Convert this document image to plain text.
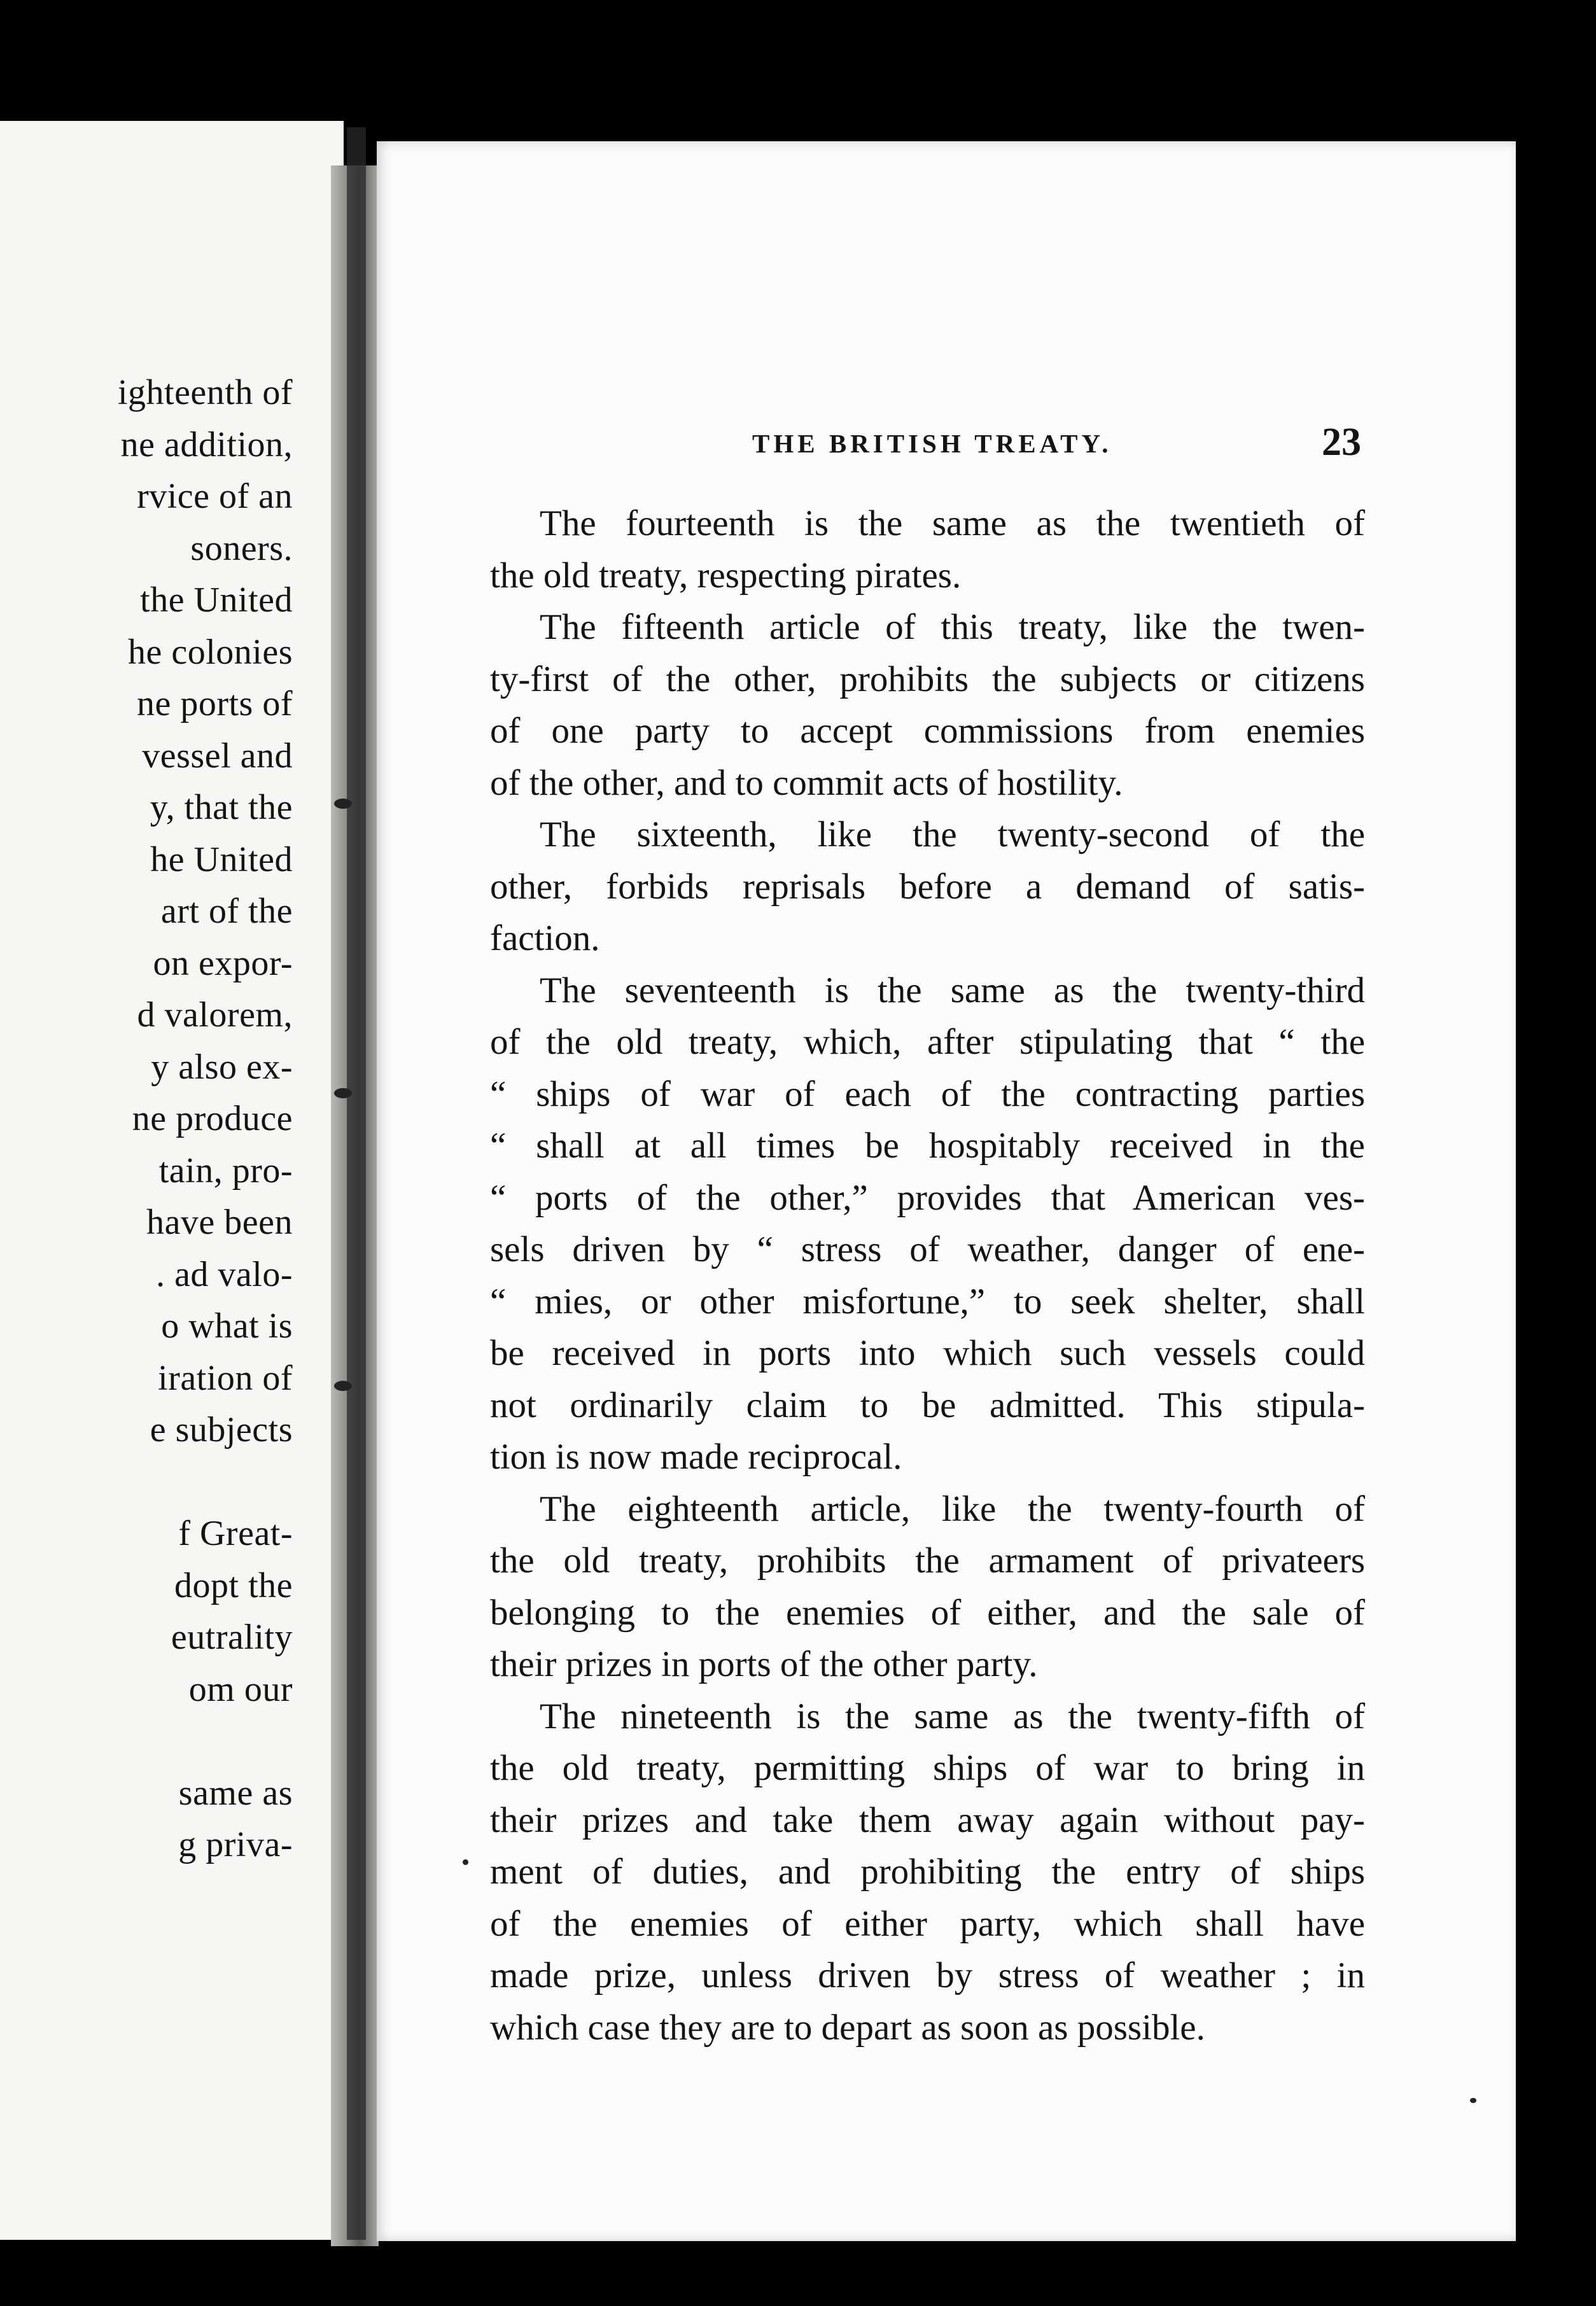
ighteenth of
ne addition,
rvice of an
soners.
the United
he colonies
ne ports of
vessel and
y, that the
he United
art of the
on expor-
d valorem,
y also ex-
ne produce
tain, pro-
have been
. ad valo-
o what is
iration of
e subjects
f Great-
dopt the
eutrality
om our
same as
g priva-
THE BRITISH TREATY.	23
The fourteenth is the same as the twentieth of
the old treaty, respecting pirates.
The fifteenth article of this treaty, like the twen-
ty-first of the other, prohibits the subjects or citizens
of one party to accept commissions from enemies
of the other, and to commit acts of hostility.
The sixteenth, like the twenty-second of the
other, forbids reprisals before a demand of satis-
faction.
The seventeenth is the same as the twenty-third
of the old treaty, which, after stipulating that “ the
“ ships of war of each of the contracting parties
“ shall at all times be hospitably received in the
“ ports of the other,” provides that American ves-
sels driven by “ stress of weather, danger of ene-
“ mies, or other misfortune,” to seek shelter, shall
be received in ports into which such vessels could
not ordinarily claim to be admitted. This stipula-
tion is now made reciprocal.
The eighteenth article, like the twenty-fourth of
the old treaty, prohibits the armament of privateers
belonging to the enemies of either, and the sale of
their prizes in ports of the other party.
The nineteenth is the same as the twenty-fifth of
the old treaty, permitting ships of war to bring in
their prizes and take them away again without pay-
ment of duties, and prohibiting the entry of ships
of the enemies of either party, which shall have
made prize, unless driven by stress of weather ; in
which case they are to depart as soon as possible.
